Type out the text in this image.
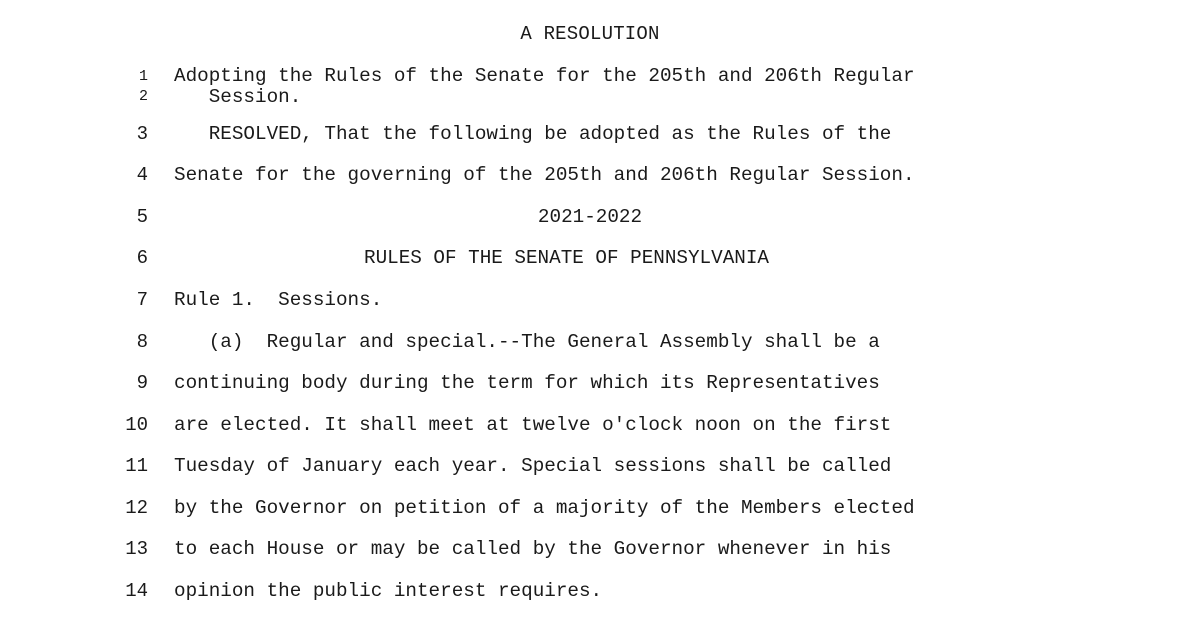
A RESOLUTION
1 Adopting the Rules of the Senate for the 205th and 206th Regular
2 Session.
3 RESOLVED, That the following be adopted as the Rules of the
4 Senate for the governing of the 205th and 206th Regular Session.
5	2021-2022
6	RULES OF THE SENATE OF PENNSYLVANIA
7 Rule 1.  Sessions.
8 (a)  Regular and special.--The General Assembly shall be a
9 continuing body during the term for which its Representatives
10 are elected. It shall meet at twelve o'clock noon on the first
11 Tuesday of January each year. Special sessions shall be called
12 by the Governor on petition of a majority of the Members elected
13 to each House or may be called by the Governor whenever in his
14 opinion the public interest requires.
